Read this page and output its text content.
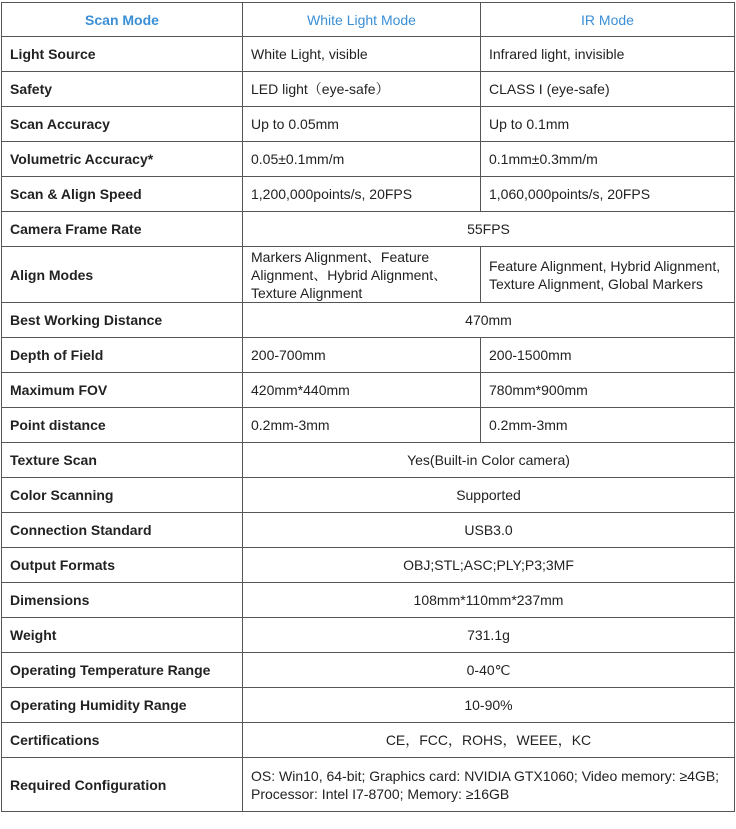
Scan Mode	White Light Mode	IR Mode
Light Source	White Light, visible	Infrared light, invisible
Safety	LED light（eye-safe）	CLASS I (eye-safe)
Scan Accuracy	Up to 0.05mm	Up to 0.1mm
Volumetric Accuracy*	0.05±0.1mm/m	0.1mm±0.3mm/m
Scan & Align Speed	1,200,000points/s, 20FPS	1,060,000points/s, 20FPS
Camera Frame Rate	55FPS	
Align Modes	Markers Alignment、Feature Alignment、Hybrid Alignment、Texture Alignment	Feature Alignment, Hybrid Alignment, Texture Alignment, Global Markers
Best Working Distance	470mm	
Depth of Field	200-700mm	200-1500mm
Maximum FOV	420mm*440mm	780mm*900mm
Point distance	0.2mm-3mm	0.2mm-3mm
Texture Scan	Yes(Built-in Color camera)	
Color Scanning	Supported	
Connection Standard	USB3.0	
Output Formats	OBJ;STL;ASC;PLY;P3;3MF	
Dimensions	108mm*110mm*237mm	
Weight	731.1g	
Operating Temperature Range	0-40℃	
Operating Humidity Range	10-90%	
Certifications	CE，FCC，ROHS，WEEE，KC	
Required Configuration	OS: Win10, 64-bit; Graphics card: NVIDIA GTX1060; Video memory: ≥4GB; Processor: Intel I7-8700; Memory: ≥16GB	
